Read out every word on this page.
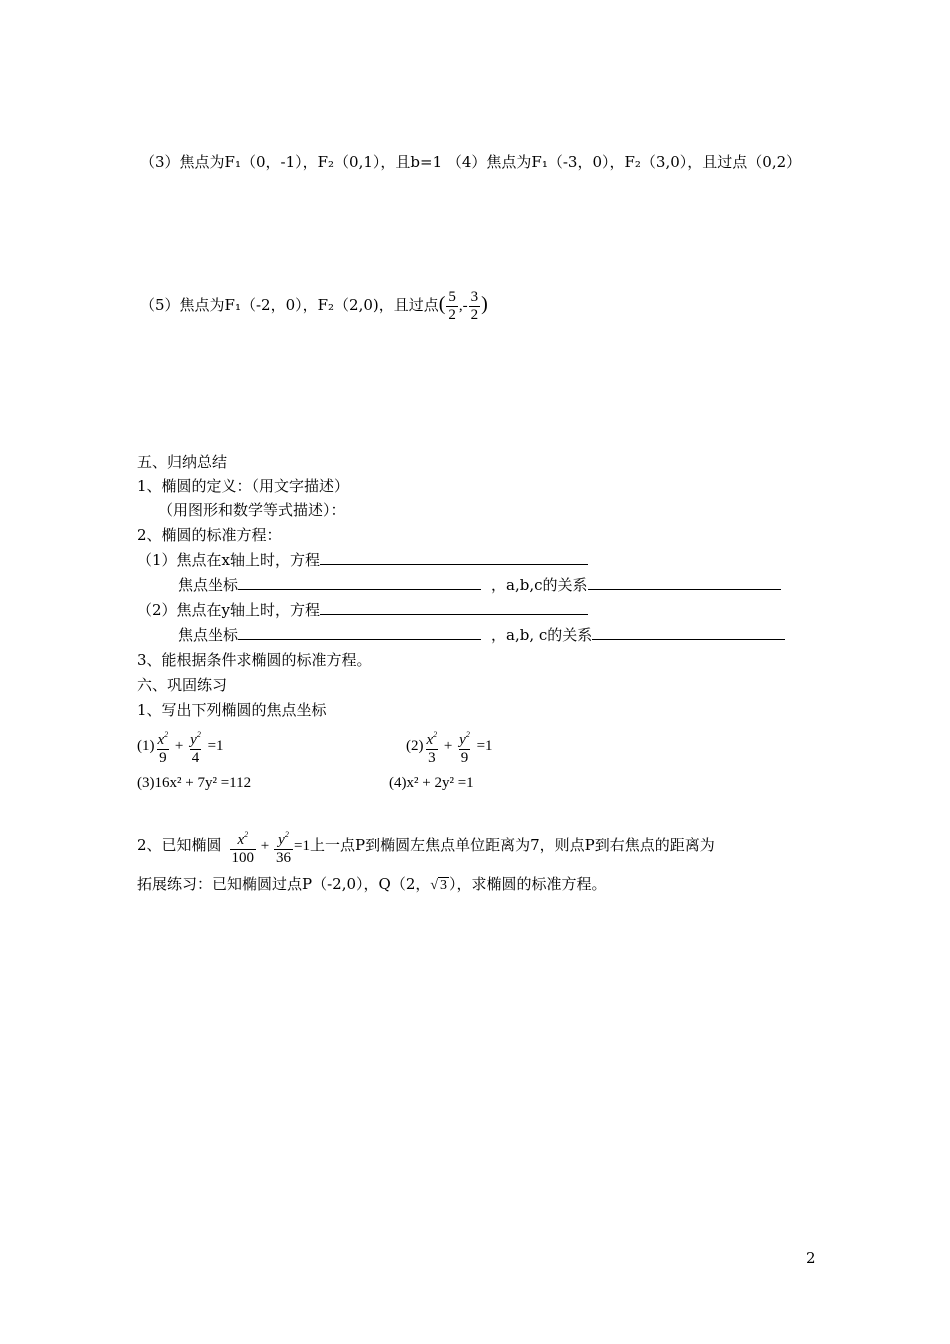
（3）焦点为F₁（0，-1），F₂（0,1），且b=1 （4）焦点为F₁（-3，0），F₂（3,0），且过点（0,2）
（5）焦点为F₁（-2，0），F₂（2,0)，且过点( $\frac{5}{2}$ ,- $\frac{3}{2}$ )
五、归纳总结
1、椭圆的定义：（用文字描述）
（用图形和数学等式描述）：
2、椭圆的标准方程：
（1）焦点在x轴上时，方程
焦点坐标	，a,b,c的关系
（2）焦点在y轴上时，方程
焦点坐标	，a,b, c的关系
3、能根据条件求椭圆的标准方程。
六、巩固练习
1、写出下列椭圆的焦点坐标
$(1) \frac{x^2}{9} + \frac{y^2}{4} =1$	$(2) \frac{x^2}{3} + \frac{y^2}{9} =1$
(3)16x² + 7y² =112	(4)x² + 2y² =1
2、已知椭圆 $\frac{x^2}{100} + \frac{y^2}{36} =1$上一点P到椭圆左焦点单位距离为7，则点P到右焦点的距离为
拓展练习：已知椭圆过点P（-2,0），Q（2，√ 3 ），求椭圆的标准方程。
2
